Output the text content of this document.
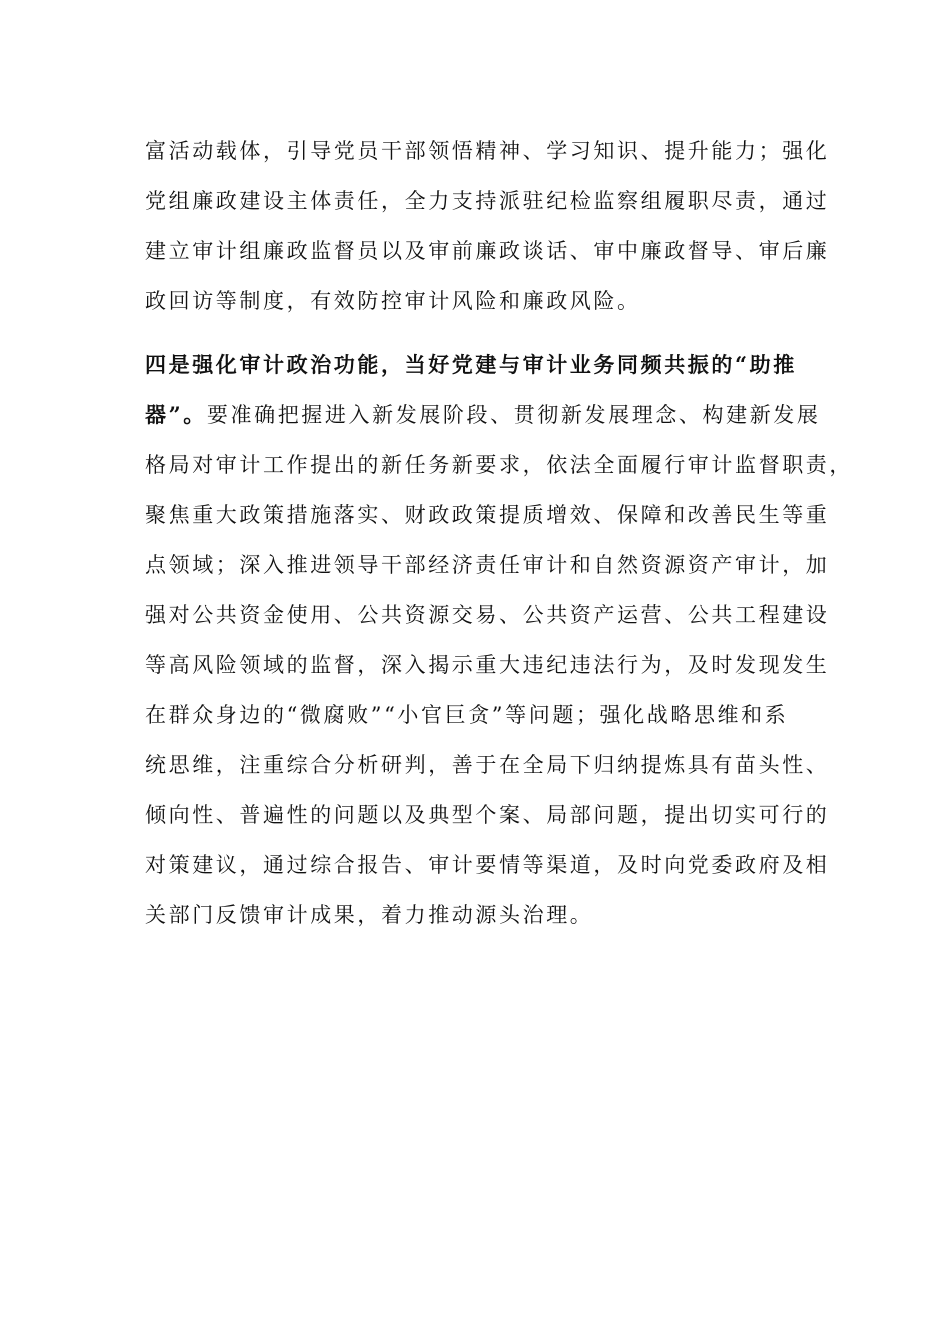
富活动载体，引导党员干部领悟精神、学习知识、提升能力；强化
党组廉政建设主体责任，全力支持派驻纪检监察组履职尽责，通过
建立审计组廉政监督员以及审前廉政谈话、审中廉政督导、审后廉
政回访等制度，有效防控审计风险和廉政风险。
四是强化审计政治功能，当好党建与审计业务同频共振的“助推
器”。要准确把握进入新发展阶段、贯彻新发展理念、构建新发展
格局对审计工作提出的新任务新要求，依法全面履行审计监督职责，
聚焦重大政策措施落实、财政政策提质增效、保障和改善民生等重
点领域；深入推进领导干部经济责任审计和自然资源资产审计，加
强对公共资金使用、公共资源交易、公共资产运营、公共工程建设
等高风险领域的监督，深入揭示重大违纪违法行为，及时发现发生
在群众身边的“微腐败”“小官巨贪”等问题；强化战略思维和系
统思维，注重综合分析研判，善于在全局下归纳提炼具有苗头性、
倾向性、普遍性的问题以及典型个案、局部问题，提出切实可行的
对策建议，通过综合报告、审计要情等渠道，及时向党委政府及相
关部门反馈审计成果，着力推动源头治理。
